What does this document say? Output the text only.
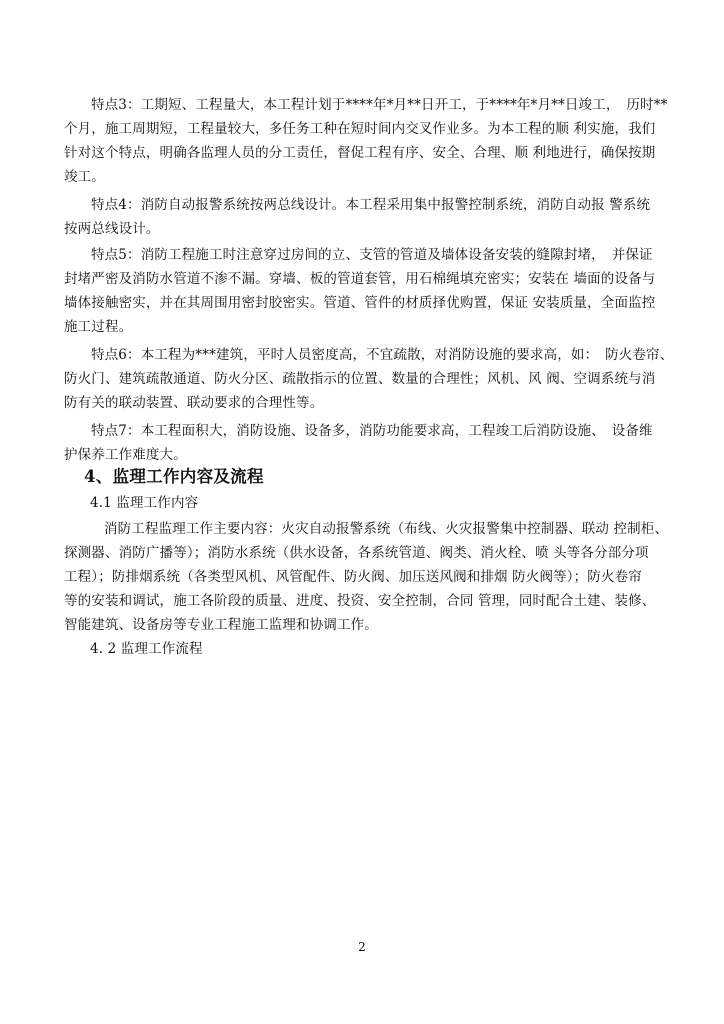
特点3：工期短、工程量大，本工程计划于****年*月**日开工，于****年*月**日竣工，　历时**
个月，施工周期短，工程量较大，多任务工种在短时间内交叉作业多。为本工程的顺 利实施，我们
针对这个特点，明确各监理人员的分工责任，督促工程有序、安全、合理、顺 利地进行，确保按期
竣工。
特点4：消防自动报警系统按两总线设计。本工程采用集中报警控制系统，消防自动报 警系统
按两总线设计。
特点5：消防工程施工时注意穿过房间的立、支管的管道及墙体设备安装的缝隙封堵，　并保证
封堵严密及消防水管道不渗不漏。穿墙、板的管道套管，用石棉绳填充密实；安装在 墙面的设备与
墙体接触密实，并在其周围用密封胶密实。管道、管件的材质择优购置，保证 安装质量，全面监控
施工过程。
特点6：本工程为***建筑，平时人员密度高，不宜疏散，对消防设施的要求高，如：　防火卷帘、
防火门、建筑疏散通道、防火分区、疏散指示的位置、数量的合理性；风机、风 阀、空调系统与消
防有关的联动装置、联动要求的合理性等。
特点7：本工程面积大，消防设施、设备多，消防功能要求高，工程竣工后消防设施、　设备维
护保养工作难度大。
4、监理工作内容及流程
4.1 监理工作内容
消防工程监理工作主要内容：火灾自动报警系统（布线、火灾报警集中控制器、联动 控制柜、
探测器、消防广播等）；消防水系统（供水设备，各系统管道、阀类、消火栓、喷 头等各分部分项
工程）；防排烟系统（各类型风机、风管配件、防火阀、加压送风阀和排烟 防火阀等）；防火卷帘
等的安装和调试，施工各阶段的质量、进度、投资、安全控制，合同 管理，同时配合土建、装修、
智能建筑、设备房等专业工程施工监理和协调工作。
4. 2 监理工作流程
2
